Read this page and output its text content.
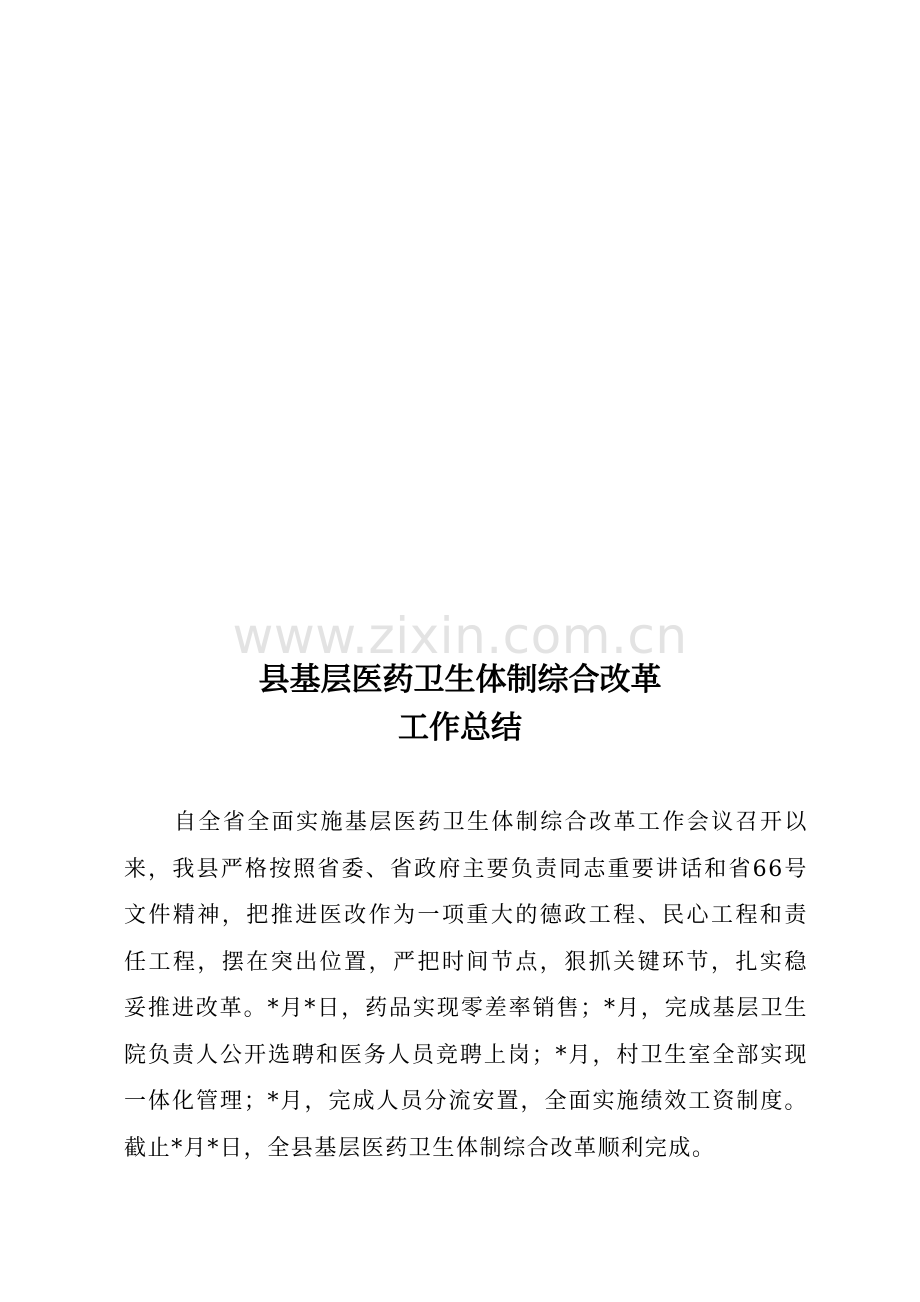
www.zixin.com.cn
县基层医药卫生体制综合改革
工作总结

自全省全面实施基层医药卫生体制综合改革工作会议召开以来，我县严格按照省委、省政府主要负责同志重要讲话和省66号文件精神，把推进医改作为一项重大的德政工程、民心工程和责任工程，摆在突出位置，严把时间节点，狠抓关键环节，扎实稳妥推进改革。*月*日，药品实现零差率销售；*月，完成基层卫生院负责人公开选聘和医务人员竞聘上岗；*月，村卫生室全部实现一体化管理；*月，完成人员分流安置，全面实施绩效工资制度。截止*月*日，全县基层医药卫生体制综合改革顺利完成。
